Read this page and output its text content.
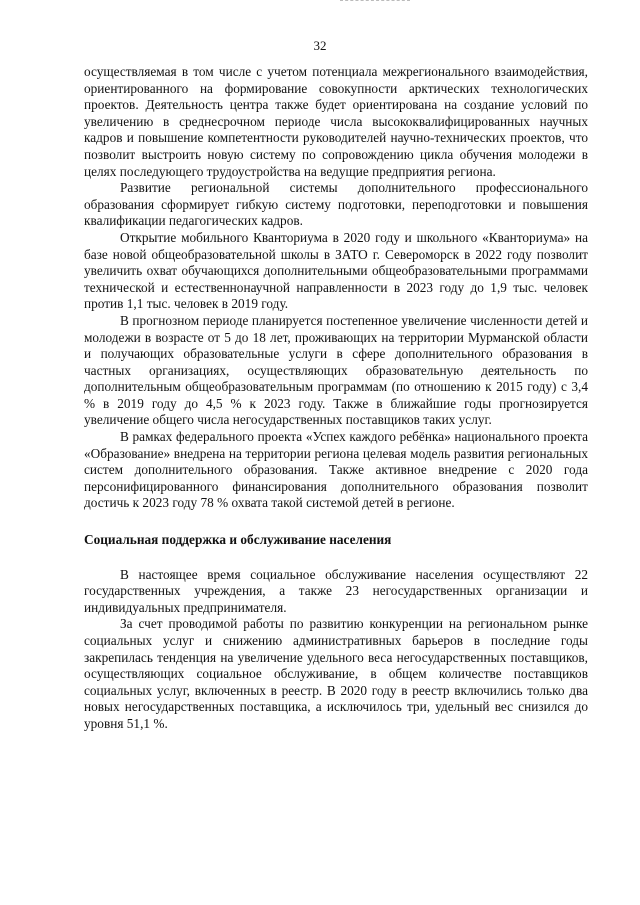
32

осуществляемая в том числе с учетом потенциала межрегионального взаимодействия, ориентированного на формирование совокупности арктических технологических проектов. Деятельность центра также будет ориентирована на создание условий по увеличению в среднесрочном периоде числа высококвалифицированных научных кадров и повышение компетентности руководителей научно-технических проектов, что позволит выстроить новую систему по сопровождению цикла обучения молодежи в целях последующего трудоустройства на ведущие предприятия региона.

Развитие региональной системы дополнительного профессионального образования сформирует гибкую систему подготовки, переподготовки и повышения квалификации педагогических кадров.

Открытие мобильного Кванториума в 2020 году и школьного «Кванториума» на базе новой общеобразовательной школы в ЗАТО г. Североморск в 2022 году позволит увеличить охват обучающихся дополнительными общеобразовательными программами технической и естественнонаучной направленности в 2023 году до 1,9 тыс. человек против 1,1 тыс. человек в 2019 году.

В прогнозном периоде планируется постепенное увеличение численности детей и молодежи в возрасте от 5 до 18 лет, проживающих на территории Мурманской области и получающих образовательные услуги в сфере дополнительного образования в частных организациях, осуществляющих образовательную деятельность по дополнительным общеобразовательным программам (по отношению к 2015 году) с 3,4 % в 2019 году до 4,5 % к 2023 году. Также в ближайшие годы прогнозируется увеличение общего числа негосударственных поставщиков таких услуг.

В рамках федерального проекта «Успех каждого ребёнка» национального проекта «Образование» внедрена на территории региона целевая модель развития региональных систем дополнительного образования. Также активное внедрение с 2020 года персонифицированного финансирования дополнительного образования позволит достичь к 2023 году 78 % охвата такой системой детей в регионе.

Социальная поддержка и обслуживание населения

В настоящее время социальное обслуживание населения осуществляют 22 государственных учреждения, а также 23 негосударственных организации и индивидуальных предпринимателя.

За счет проводимой работы по развитию конкуренции на региональном рынке социальных услуг и снижению административных барьеров в последние годы закрепилась тенденция на увеличение удельного веса негосударственных поставщиков, осуществляющих социальное обслуживание, в общем количестве поставщиков социальных услуг, включенных в реестр. В 2020 году в реестр включились только два новых негосударственных поставщика, а исключилось три, удельный вес снизился до уровня 51,1 %.
